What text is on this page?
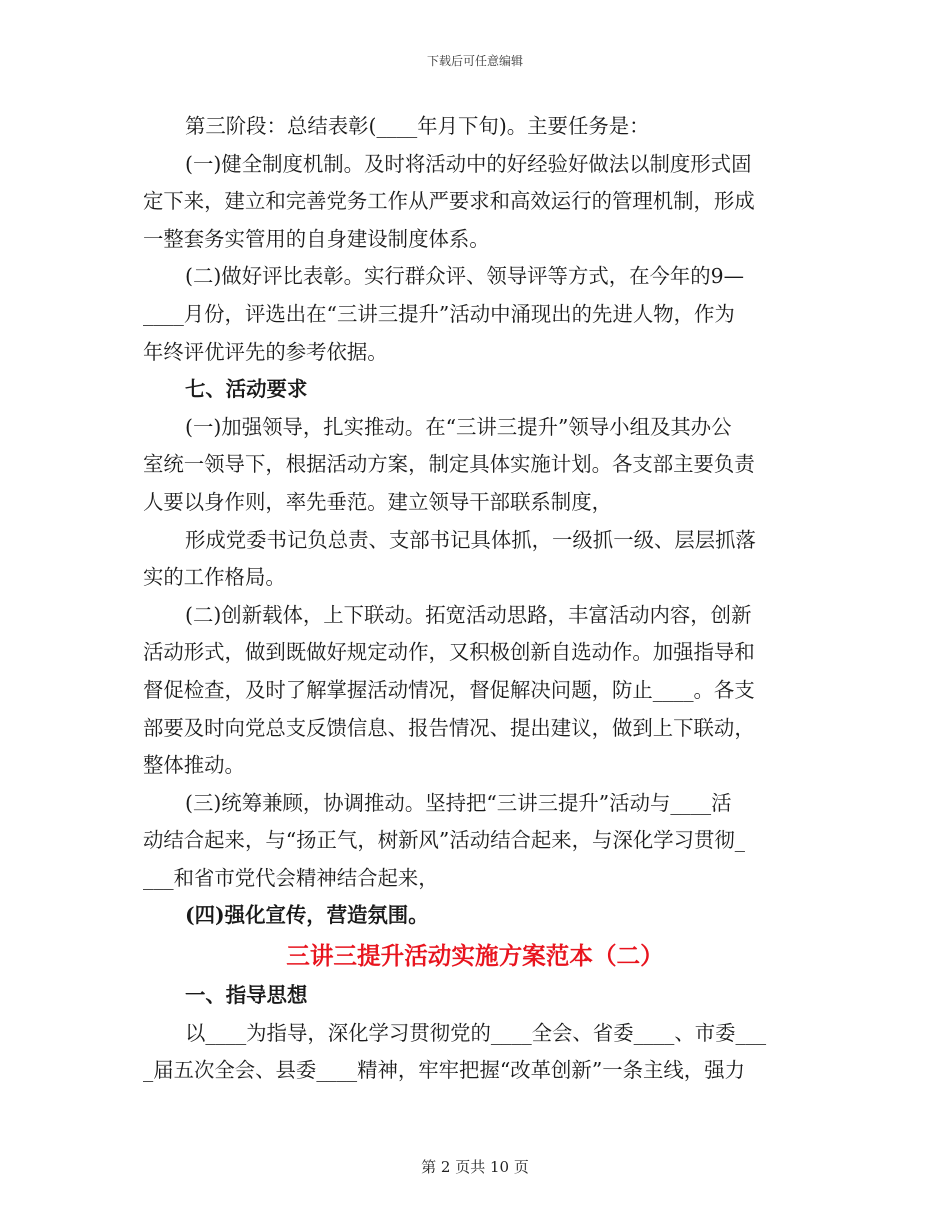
下载后可任意编辑
第三阶段：总结表彰(____年月下旬)。主要任务是：
(一)健全制度机制。及时将活动中的好经验好做法以制度形式固
定下来，建立和完善党务工作从严要求和高效运行的管理机制，形成
一整套务实管用的自身建设制度体系。
(二)做好评比表彰。实行群众评、领导评等方式，在今年的9—
____月份，评选出在“三讲三提升”活动中涌现出的先进人物，作为
年终评优评先的参考依据。
七、活动要求
(一)加强领导，扎实推动。在“三讲三提升”领导小组及其办公
室统一领导下，根据活动方案，制定具体实施计划。各支部主要负责
人要以身作则，率先垂范。建立领导干部联系制度，
形成党委书记负总责、支部书记具体抓，一级抓一级、层层抓落
实的工作格局。
(二)创新载体，上下联动。拓宽活动思路，丰富活动内容，创新
活动形式，做到既做好规定动作，又积极创新自选动作。加强指导和
督促检查，及时了解掌握活动情况，督促解决问题，防止____。各支
部要及时向党总支反馈信息、报告情况、提出建议，做到上下联动，
整体推动。
(三)统筹兼顾，协调推动。坚持把“三讲三提升”活动与____活
动结合起来，与“扬正气，树新风”活动结合起来，与深化学习贯彻_
___和省市党代会精神结合起来，
(四)强化宣传，营造氛围。
三讲三提升活动实施方案范本（二）
一、指导思想
以____为指导，深化学习贯彻党的____全会、省委____、市委___
_届五次全会、县委____精神，牢牢把握“改革创新”一条主线，强力
第 2 页共 10 页
